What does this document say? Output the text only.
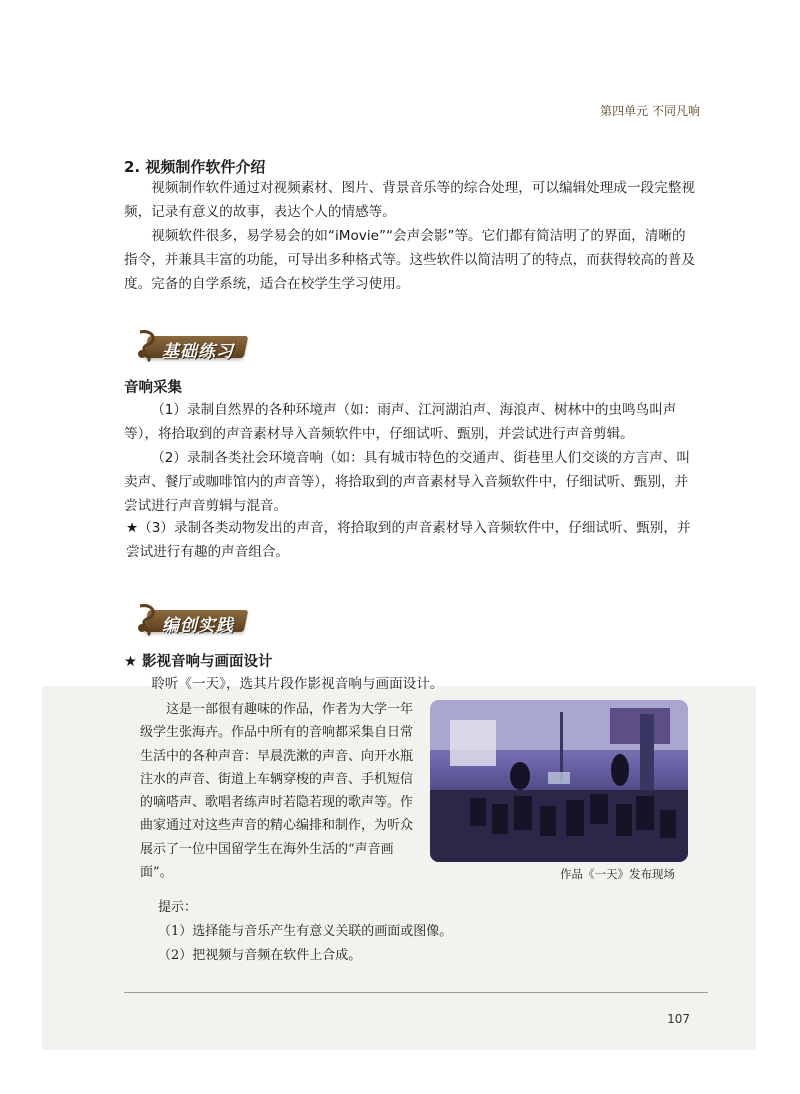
第四单元 不同凡响
2. 视频制作软件介绍

视频制作软件通过对视频素材、图片、背景音乐等的综合处理，可以编辑处理成一段完整视频，记录有意义的故事，表达个人的情感等。

视频软件很多，易学易会的如“iMovie”“会声会影”等。它们都有简洁明了的界面，清晰的指令，并兼具丰富的功能，可导出多种格式等。这些软件以简洁明了的特点，而获得较高的普及度。完备的自学系统，适合在校学生学习使用。

基础练习
音响采集

（1）录制自然界的各种环境声（如：雨声、江河湖泊声、海浪声、树林中的虫鸣鸟叫声等），将拾取到的声音素材导入音频软件中，仔细试听、甄别，并尝试进行声音剪辑。

（2）录制各类社会环境音响（如：具有城市特色的交通声、街巷里人们交谈的方言声、叫卖声、餐厅或咖啡馆内的声音等），将拾取到的声音素材导入音频软件中，仔细试听、甄别，并尝试进行声音剪辑与混音。

★（3）录制各类动物发出的声音，将拾取到的声音素材导入音频软件中，仔细试听、甄别，并尝试进行有趣的声音组合。

编创实践
★ 影视音响与画面设计

聆听《一天》，选其片段作影视音响与画面设计。

这是一部很有趣味的作品，作者为大学一年级学生张海卉。作品中所有的音响都采集自日常生活中的各种声音：早晨洗漱的声音、向开水瓶注水的声音、街道上车辆穿梭的声音、手机短信的嘀嗒声、歌唱者练声时若隐若现的歌声等。作曲家通过对这些声音的精心编排和制作，为听众展示了一位中国留学生在海外生活的“声音画面”。	作品《一天》发布现场
提示：
（1）选择能与音乐产生有意义关联的画面或图像。
（2）把视频与音频在软件上合成。
107
